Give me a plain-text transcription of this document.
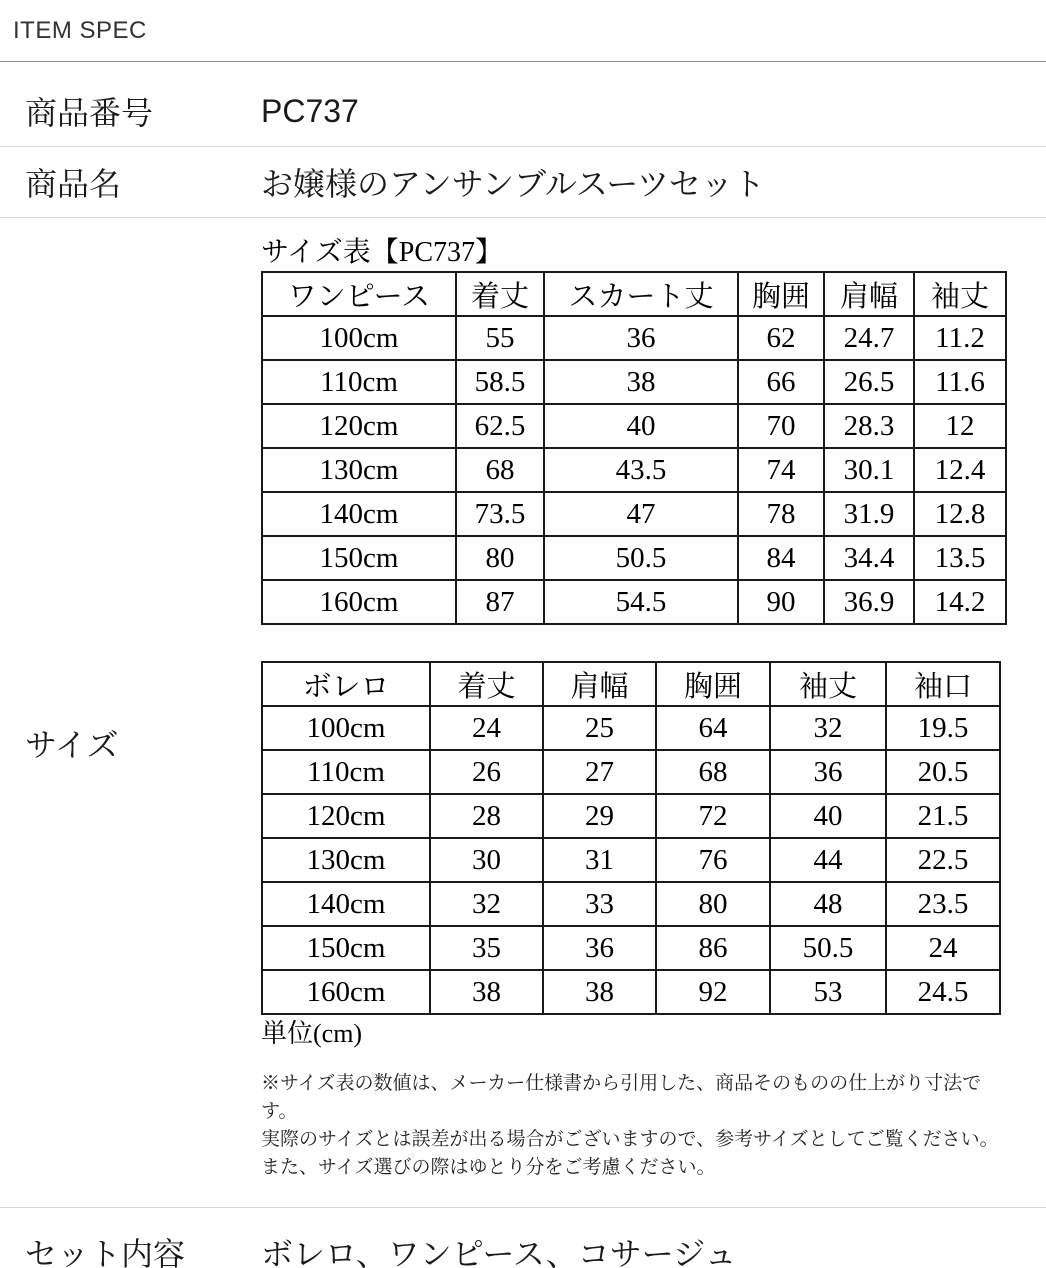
ITEM SPEC
商品番号	PC737
商品名	お嬢様のアンサンブルスーツセット
サイズ
サイズ表【PC737】
ワンピース	着丈	スカート丈	胸囲	肩幅	袖丈
100cm	55	36	62	24.7	11.2
110cm	58.5	38	66	26.5	11.6
120cm	62.5	40	70	28.3	12
130cm	68	43.5	74	30.1	12.4
140cm	73.5	47	78	31.9	12.8
150cm	80	50.5	84	34.4	13.5
160cm	87	54.5	90	36.9	14.2
ボレロ	着丈	肩幅	胸囲	袖丈	袖口
100cm	24	25	64	32	19.5
110cm	26	27	68	36	20.5
120cm	28	29	72	40	21.5
130cm	30	31	76	44	22.5
140cm	32	33	80	48	23.5
150cm	35	36	86	50.5	24
160cm	38	38	92	53	24.5
単位(cm)
※サイズ表の数値は、メーカー仕様書から引用した、商品そのものの仕上がり寸法です。
実際のサイズとは誤差が出る場合がございますので、参考サイズとしてご覧ください。
また、サイズ選びの際はゆとり分をご考慮ください。
セット内容	ボレロ、ワンピース、コサージュ
